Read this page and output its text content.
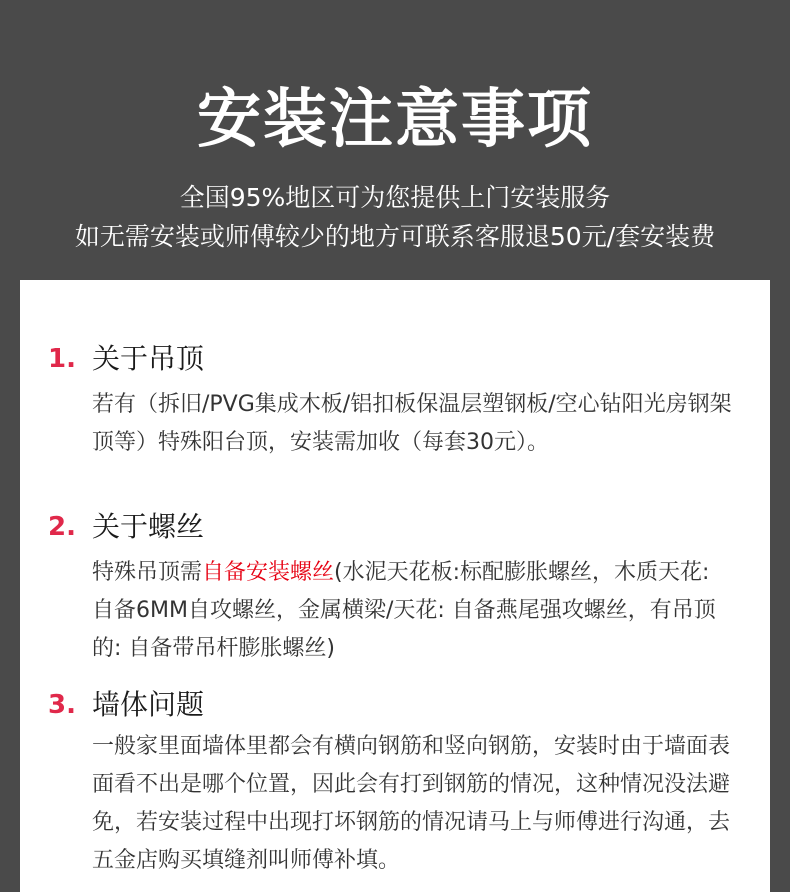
安装注意事项
全国95%地区可为您提供上门安装服务
如无需安装或师傅较少的地方可联系客服退50元/套安装费
1. 关于吊顶
若有（拆旧/PVG集成木板/铝扣板保温层塑钢板/空心钻阳光房钢架顶等）特殊阳台顶，安装需加收（每套30元）。
2. 关于螺丝
特殊吊顶需自备安装螺丝(水泥天花板:标配膨胀螺丝，木质天花: 自备6MM自攻螺丝，金属横梁/天花: 自备燕尾强攻螺丝，有吊顶的: 自备带吊杆膨胀螺丝)
3. 墙体问题
一般家里面墙体里都会有横向钢筋和竖向钢筋，安装时由于墙面表面看不出是哪个位置，因此会有打到钢筋的情况，这种情况没法避免，若安装过程中出现打坏钢筋的情况请马上与师傅进行沟通，去五金店购买填缝剂叫师傅补填。
